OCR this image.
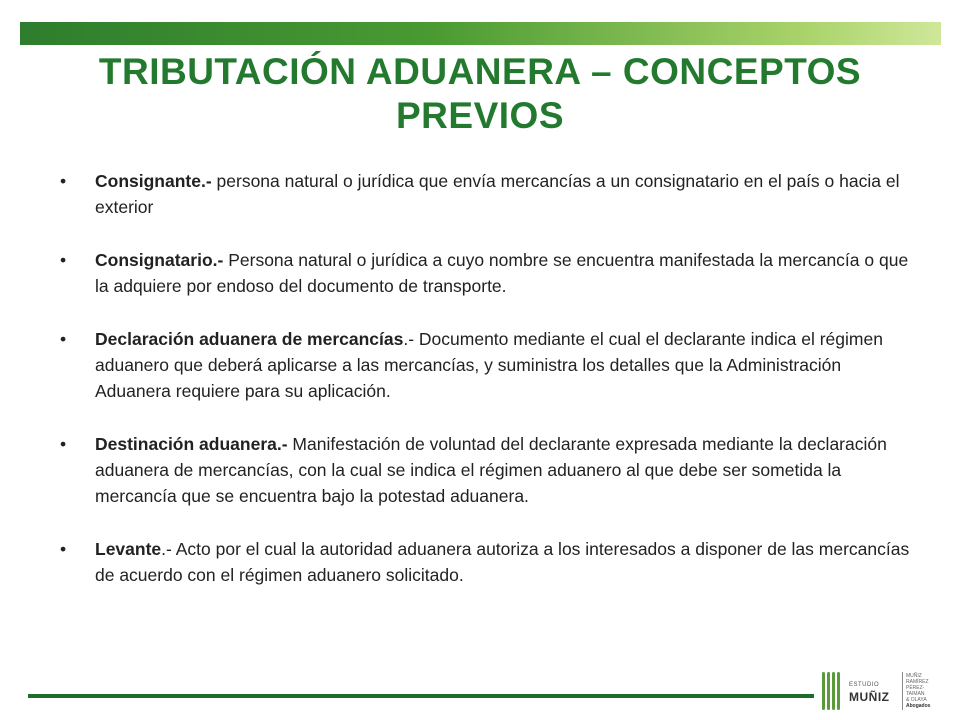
TRIBUTACIÓN ADUANERA – CONCEPTOS PREVIOS
• Consignante.- persona natural o jurídica que envía mercancías a un consignatario en el país o hacia el exterior
• Consignatario.- Persona natural o jurídica a cuyo nombre se encuentra manifestada la mercancía o que la adquiere por endoso del documento de transporte.
• Declaración aduanera de mercancías.- Documento mediante el cual el declarante indica el régimen aduanero que deberá aplicarse a las mercancías, y suministra los detalles que la Administración Aduanera requiere para su aplicación.
• Destinación aduanera.- Manifestación de voluntad del declarante expresada mediante la declaración aduanera de mercancías, con la cual se indica el régimen aduanero al que debe ser sometida la mercancía que se encuentra bajo la potestad aduanera.
• Levante.- Acto por el cual la autoridad aduanera autoriza a los interesados a disponer de las mercancías de acuerdo con el régimen aduanero solicitado.
ESTUDIO
MUÑIZ
MUÑIZ
RAMÍREZ
PÉREZ-TAIMAN
& OLAYA
Abogados
